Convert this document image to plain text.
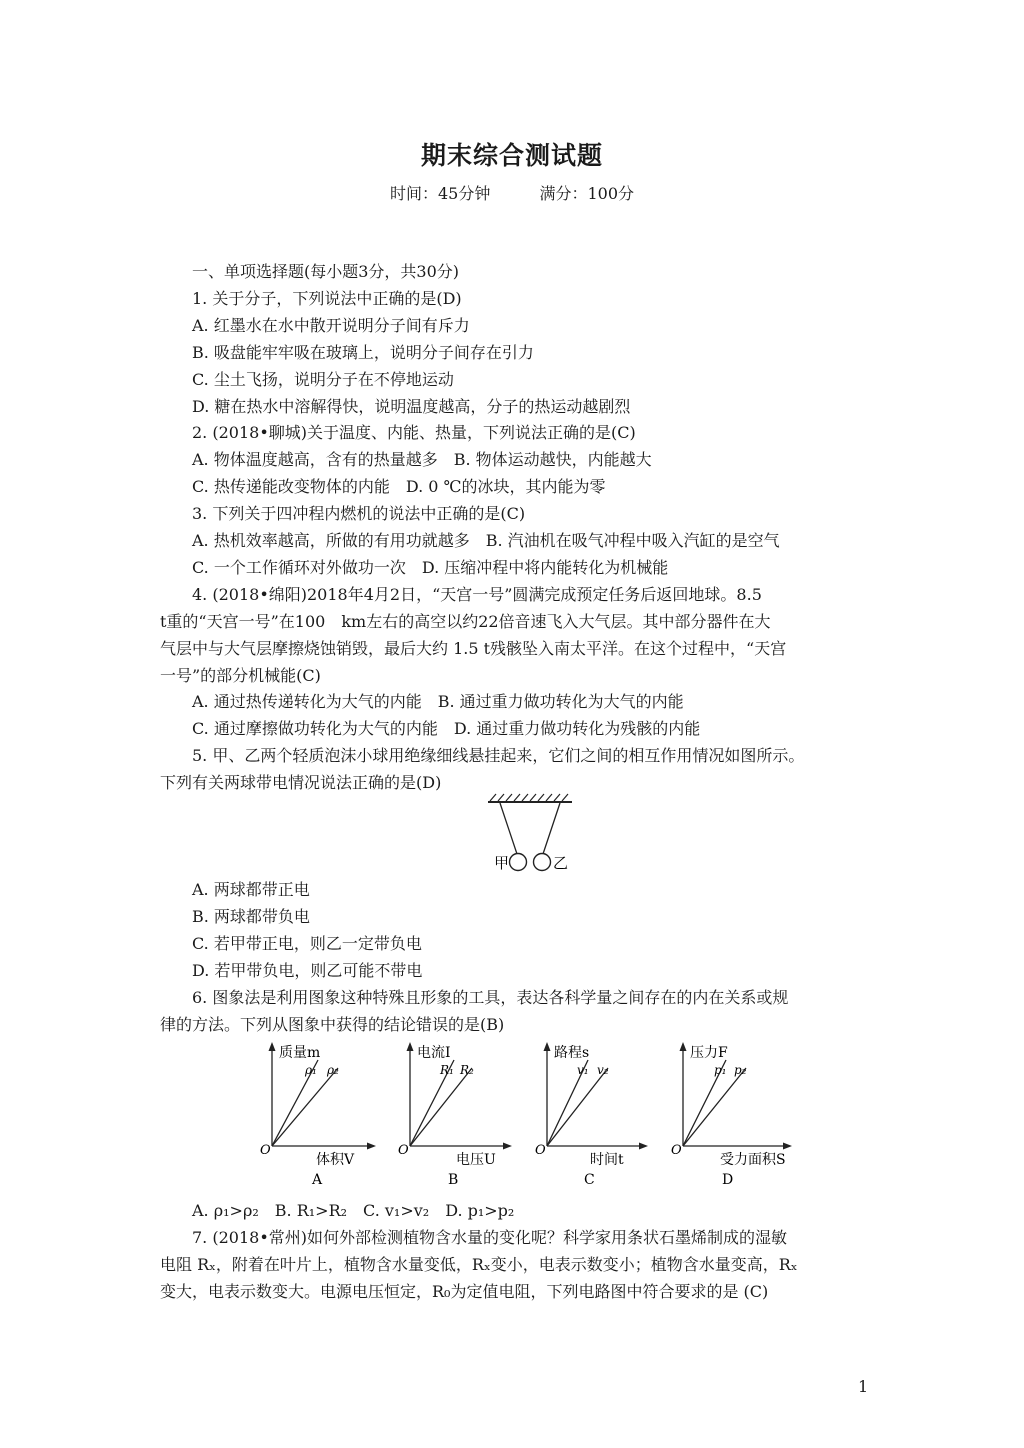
期末综合测试题
时间：45分钟	满分：100分
一、单项选择题(每小题3分，共30分)
1. 关于分子，下列说法中正确的是(D)
A. 红墨水在水中散开说明分子间有斥力
B. 吸盘能牢牢吸在玻璃上，说明分子间存在引力
C. 尘土飞扬，说明分子在不停地运动
D. 糖在热水中溶解得快，说明温度越高，分子的热运动越剧烈
2. (2018•聊城)关于温度、内能、热量，下列说法正确的是(C)
A. 物体温度越高，含有的热量越多　B. 物体运动越快，内能越大
C. 热传递能改变物体的内能　D. 0 ℃的冰块，其内能为零
3. 下列关于四冲程内燃机的说法中正确的是(C)
A. 热机效率越高，所做的有用功就越多　B. 汽油机在吸气冲程中吸入汽缸的是空气
C. 一个工作循环对外做功一次　D. 压缩冲程中将内能转化为机械能
4. (2018•绵阳)2018年4月2日，“天宫一号”圆满完成预定任务后返回地球。8.5
t重的“天宫一号”在100　km左右的高空以约22倍音速飞入大气层。其中部分器件在大
气层中与大气层摩擦烧蚀销毁，最后大约 1.5 t残骸坠入南太平洋。在这个过程中，“天宫
一号”的部分机械能(C)
A. 通过热传递转化为大气的内能　B. 通过重力做功转化为大气的内能
C. 通过摩擦做功转化为大气的内能　D. 通过重力做功转化为残骸的内能
5. 甲、乙两个轻质泡沫小球用绝缘细线悬挂起来，它们之间的相互作用情况如图所示。
下列有关两球带电情况说法正确的是(D)
甲	乙
A. 两球都带正电
B. 两球都带负电
C. 若甲带正电，则乙一定带负电
D. 若甲带负电，则乙可能不带电
6. 图象法是利用图象这种特殊且形象的工具，表达各科学量之间存在的内在关系或规
律的方法。下列从图象中获得的结论错误的是(B)
质量m
ρ₁ ρ₂
O
体积V
A
电流I
R₁ R₂
O
电压U
B
路程s
v₁ v₂
O
时间t
C
压力F
p₁ p₂
O
受力面积S
D
A. ρ₁>ρ₂　B. R₁>R₂　C. v₁>v₂　D. p₁>p₂
7. (2018•常州)如何外部检测植物含水量的变化呢？科学家用条状石墨烯制成的湿敏
电阻 Rₓ，附着在叶片上，植物含水量变低，Rₓ变小，电表示数变小；植物含水量变高，Rₓ
变大，电表示数变大。电源电压恒定，R₀为定值电阻，下列电路图中符合要求的是 (C)
1
